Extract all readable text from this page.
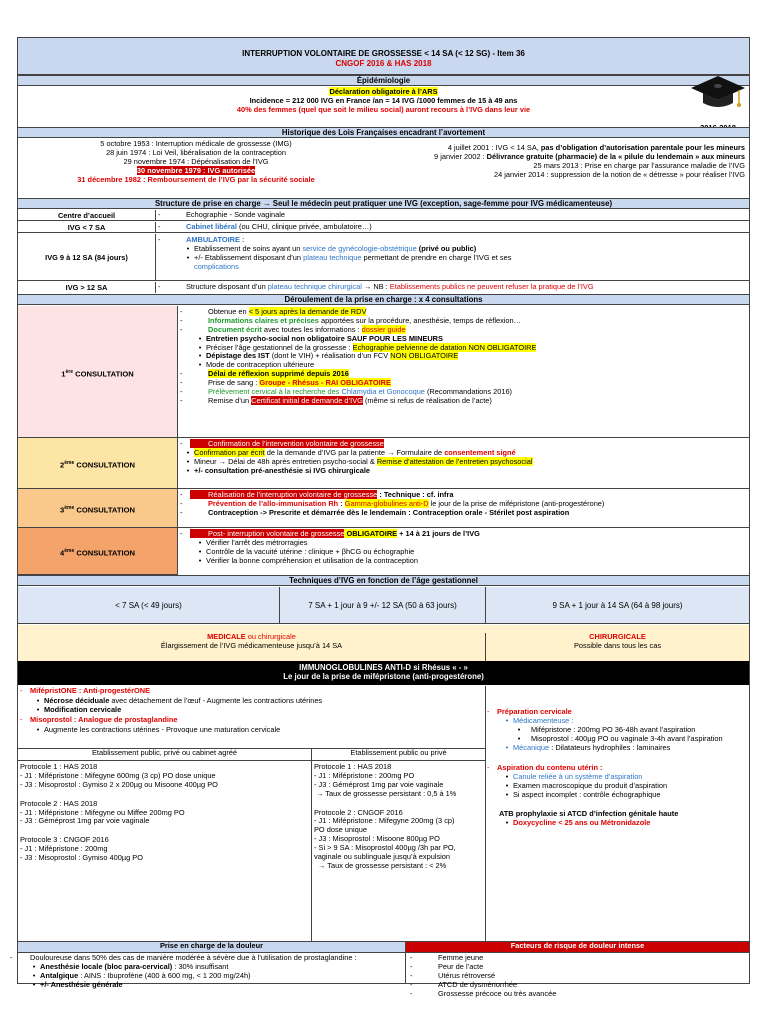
INTERRUPTION VOLONTAIRE DE GROSSESSE < 14 SA (< 12 SG) - Item 36
CNGOF 2016 & HAS 2018
Épidémiologie
Déclaration obligatoire à l’ARS
Incidence = 212 000 IVG en France /an = 14 IVG /1000 femmes de 15 à 49 ans
40% des femmes (quel que soit le milieu social) auront recours à l’IVG dans leur vie
Historique des Lois Françaises encadrant l’avortement
5 octobre 1953 : Interruption médicale de grossesse (IMG)
28 juin 1974 : Loi Veil, libéralisation de la contraception
29 novembre 1974 : Dépénalisation de l’IVG
30 novembre 1979 : IVG autorisée
31 décembre 1982 : Remboursement de l’IVG par la sécurité sociale
4 juillet 2001 : IVG < 14 SA, pas d’obligation d’autorisation parentale pour les mineurs
9 janvier 2002 : Délivrance gratuite (pharmacie) de la « pilule du lendemain » aux mineurs
25 mars 2013 : Prise en charge par l’assurance maladie de l’IVG
24 janvier 2014 : suppression de la notion de « détresse » pour réaliser l’IVG
Structure de prise en charge → Seul le médecin peut pratiquer une IVG (exception, sage-femme pour IVG médicamenteuse)
Centre d’accueil -	Echographie - Sonde vaginale
IVG < 7 SA -	Cabinet libéral (ou CHU, clinique privée, ambulatoire…)
IVG 9 à 12 SA (84 jours)
- AMBULATOIRE :
• Etablissement de soins ayant un service de gynécologie-obstétrique (privé ou public)
• +/- Etablissement disposant d’un plateau technique permettant de prendre en charge l’IVG et ses
complications
IVG > 12 SA -	Structure disposant d’un plateau technique chirurgical → NB : Etablissements publics ne peuvent refuser la pratique de l’IVG
Déroulement de la prise en charge : x 4 consultations
1ère CONSULTATION
- Obtenue en < 5 jours après la demande de RDV
- Informations claires et précises apportées sur la procédure, anesthésie, temps de réflexion…
- Document écrit avec toutes les informations : dossier guide
• Entretien psycho-social non obligatoire SAUF POUR LES MINEURS
• Préciser l’âge gestationnel de la grossesse : Echographie pelvienne de datation NON OBLIGATOIRE
• Dépistage des IST (dont le VIH) + réalisation d’un FCV NON OBLIGATOIRE
• Mode de contraception ultérieure
- Délai de réflexion supprimé depuis 2016
- Prise de sang : Groupe - Rhésus - RAI OBLIGATOIRE
- Prélèvement cervical à la recherche des Chlamydia et Gonocoque (Recommandations 2016)
- Remise d’un Certificat initial de demande d’IVG (même si refus de réalisation de l’acte)
2ème CONSULTATION
- Confirmation de l’intervention volontaire de grossesse
• Confirmation par écrit de la demande d’IVG par la patiente → Formulaire de consentement signé
• Mineur → Délai de 48h après entretien psycho-social & Remise d’attestation de l’entretien psychosocial
• +/- consultation pré-anesthésie si IVG chirurgicale
3ème CONSULTATION
- Réalisation de l’interruption volontaire de grossesse : Technique : cf. infra
- Prévention de l’allo-immunisation Rh : Gamma-globulines anti-D le jour de la prise de mifépristone (anti-progestérone)
- Contraception -> Prescrite et démarrée dès le lendemain : Contraception orale - Stérilet post aspiration
4ème CONSULTATION
- Post- interruption volontaire de grossesse OBLIGATOIRE + 14 à 21 jours de l’IVG
• Vérifier l’arrêt des métrorragies
• Contrôle de la vacuité utérine : clinique + βhCG ou échographie
• Vérifier la bonne compréhension et utilisation de la contraception
Techniques d’IVG en fonction de l’âge gestationnel
< 7 SA (< 49 jours)	7 SA + 1 jour à 9 +/- 12 SA (50 à 63 jours)	9 SA + 1 jour à 14 SA (64 à 98 jours)
MEDICALE ou chirurgicale
Élargissement de l’IVG médicamenteuse jusqu’à 14 SA
CHIRURGICALE
Possible dans tous les cas
IMMUNOGLOBULINES ANTI-D si Rhésus « - »
Le jour de la prise de mifépristone (anti-progestérone)
- MifépristONE : Anti-progestérONE
• Nécrose déciduale avec détachement de l’œuf - Augmente les contractions utérines
• Modification cervicale
- Misoprostol : Analogue de prostaglandine
• Augmente les contractions utérines - Provoque une maturation cervicale
Etablissement public, privé ou cabinet agréé
Protocole 1 : HAS 2018
- J1 : Mifépristone : Mifegyne 600mg (3 cp) PO dose unique
- J3 : Misoprostol : Gymiso 2 x 200µg ou Misoone 400µg PO
Protocole 2 : HAS 2018
- J1 : Mifépristone : Mifegyne ou Miffee 200mg PO
- J3 : Géméprost 1mg par voie vaginale
Protocole 3 : CNGOF 2016
- J1 : Mifépristone : 200mg
- J3 : Misoprostol : Gymiso 400µg PO
Etablissement public ou privé
Protocole 1 : HAS 2018
- J1 : Mifépristone : 200mg PO
- J3 : Géméprost 1mg par voie vaginale
→ Taux de grossesse persistant : 0,5 à 1%
Protocole 2 : CNGOF 2016
- J1 : Mifépristone : Mifegyne 200mg (3 cp)
PO dose unique
- J3 : Misoprostol : Misoone 800µg PO
- Si > 9 SA : Misoprostol 400µg /3h par PO,
vaginale ou sublinguale jusqu’à expulsion
→ Taux de grossesse persistant : < 2%
- Préparation cervicale
• Médicamenteuse :
• Mifépristone : 200mg PO 36-48h avant l’aspiration
• Misoprostol : 400µg PO ou vaginale 3-4h avant l’aspiration
• Mécanique : Dilatateurs hydrophiles : laminaires
- Aspiration du contenu utérin :
• Canule reliée à un système d’aspiration
• Examen macroscopique du produit d’aspiration
• Si aspect incomplet : contrôle échographique
ATB prophylaxie si ATCD d’infection génitale haute
• Doxycycline < 25 ans ou Métronidazole
Prise en charge de la douleur	Facteurs de risque de douleur intense
- Douloureuse dans 50% des cas de manière modérée à sévère due à l’utilisation de prostaglandine :
• Anesthésie locale (bloc para-cervical) : 30% insuffisant
• Antalgique : AINS : Ibuprofène (400 à 600 mg, < 1 200 mg/24h)
• +/- Anesthésie générale
- Femme jeune
- Peur de l’acte
- Utérus rétroversé
- ATCD de dysménorrhée
- Grossesse précoce ou très avancée
